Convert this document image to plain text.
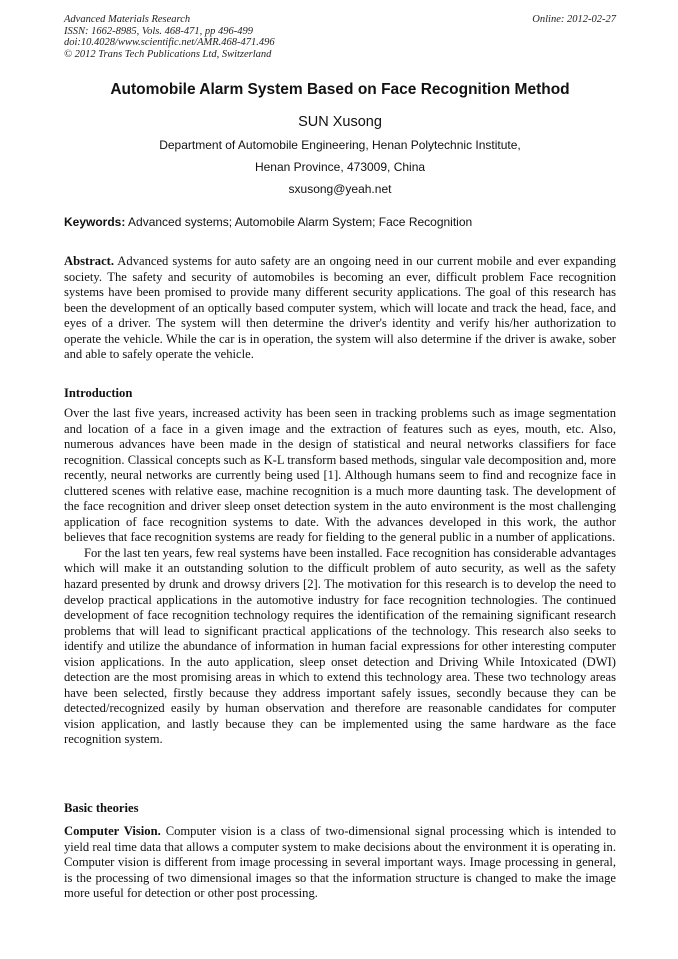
Advanced Materials Research
ISSN: 1662-8985, Vols. 468-471, pp 496-499
doi:10.4028/www.scientific.net/AMR.468-471.496
© 2012 Trans Tech Publications Ltd, Switzerland
Online: 2012-02-27
Automobile Alarm System Based on Face Recognition Method
SUN Xusong
Department of Automobile Engineering, Henan Polytechnic Institute,
Henan Province, 473009, China
sxusong@yeah.net
Keywords: Advanced systems; Automobile Alarm System; Face Recognition

Abstract. Advanced systems for auto safety are an ongoing need in our current mobile and ever expanding society. The safety and security of automobiles is becoming an ever, difficult problem Face recognition systems have been promised to provide many different security applications. The goal of this research has been the development of an optically based computer system, which will locate and track the head, face, and eyes of a driver. The system will then determine the driver's identity and verify his/her authorization to operate the vehicle. While the car is in operation, the system will also determine if the driver is awake, sober and able to safely operate the vehicle.

Introduction

Over the last five years, increased activity has been seen in tracking problems such as image segmentation and location of a face in a given image and the extraction of features such as eyes, mouth, etc. Also, numerous advances have been made in the design of statistical and neural networks classifiers for face recognition. Classical concepts such as K-L transform based methods, singular vale decomposition and, more recently, neural networks are currently being used [1]. Although humans seem to find and recognize face in cluttered scenes with relative ease, machine recognition is a much more daunting task. The development of the face recognition and driver sleep onset detection system in the auto environment is the most challenging application of face recognition systems to date. With the advances developed in this work, the author believes that face recognition systems are ready for fielding to the general public in a number of applications.

For the last ten years, few real systems have been installed. Face recognition has considerable advantages which will make it an outstanding solution to the difficult problem of auto security, as well as the safety hazard presented by drunk and drowsy drivers [2]. The motivation for this research is to develop the need to develop practical applications in the automotive industry for face recognition technologies. The continued development of face recognition technology requires the identification of the remaining significant research problems that will lead to significant practical applications of the technology. This research also seeks to identify and utilize the abundance of information in human facial expressions for other interesting computer vision applications. In the auto application, sleep onset detection and Driving While Intoxicated (DWI) detection are the most promising areas in which to extend this technology area. These two technology areas have been selected, firstly because they address important safely issues, secondly because they can be detected/recognized easily by human observation and therefore are reasonable candidates for computer vision application, and lastly because they can be implemented using the same hardware as the face recognition system.

Basic theories

Computer Vision. Computer vision is a class of two-dimensional signal processing which is intended to yield real time data that allows a computer system to make decisions about the environment it is operating in. Computer vision is different from image processing in several important ways. Image processing in general, is the processing of two dimensional images so that the information structure is changed to make the image more useful for detection or other post processing.
